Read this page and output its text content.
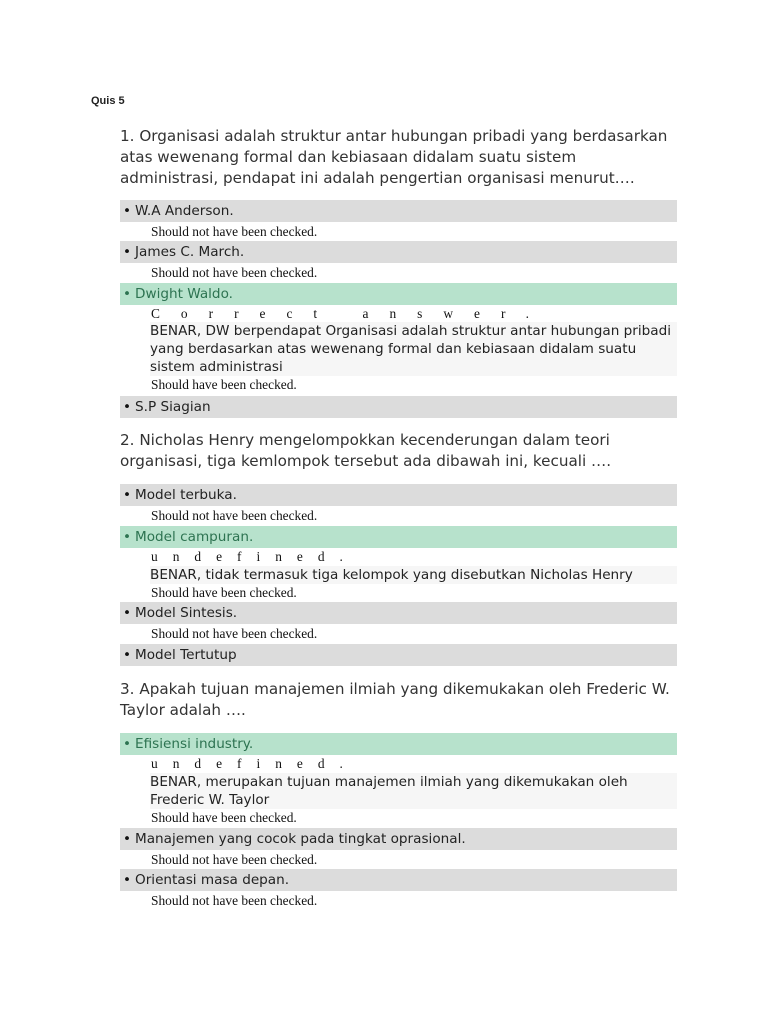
Quis 5

1. Organisasi adalah struktur antar hubungan pribadi yang berdasarkan atas wewenang formal dan kebiasaan didalam suatu sistem administrasi, pendapat ini adalah pengertian organisasi menurut….

• W.A Anderson.
Should not have been checked.
• James C. March.
Should not have been checked.
• Dwight Waldo.
Correct answer.

BENAR, DW berpendapat Organisasi adalah struktur antar hubungan pribadi yang berdasarkan atas wewenang formal dan kebiasaan didalam suatu sistem administrasi

Should have been checked.
• S.P Siagian

2. Nicholas Henry mengelompokkan kecenderungan dalam teori organisasi, tiga kemlompok tersebut ada dibawah ini, kecuali ….

• Model terbuka.
Should not have been checked.
• Model campuran.
undefined.

BENAR, tidak termasuk tiga kelompok yang disebutkan Nicholas Henry

Should have been checked.
• Model Sintesis.
Should not have been checked.
• Model Tertutup

3. Apakah tujuan manajemen ilmiah yang dikemukakan oleh Frederic W. Taylor adalah ….

• Efisiensi industry.
undefined.

BENAR, merupakan tujuan manajemen ilmiah yang dikemukakan oleh Frederic W. Taylor

Should have been checked.
• Manajemen yang cocok pada tingkat oprasional.
Should not have been checked.
• Orientasi masa depan.
Should not have been checked.
